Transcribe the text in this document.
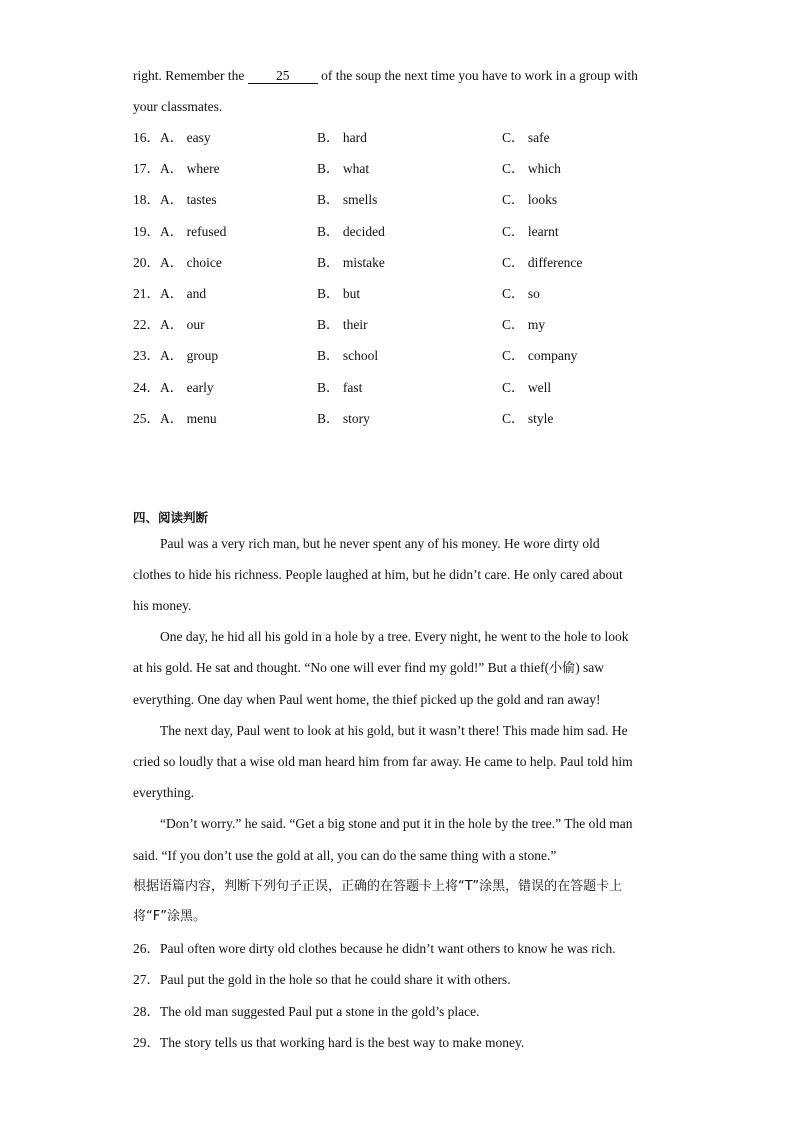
right. Remember the 25 of the soup the next time you have to work in a group with
your classmates.
16．A． easy	B． hard	C． safe
17．A． where	B． what	C． which
18．A． tastes	B． smells	C． looks
19．A． refused	B． decided	C． learnt
20．A． choice	B． mistake	C． difference
21．A． and	B． but	C． so
22．A． our	B． their	C． my
23．A． group	B． school	C． company
24．A． early	B． fast	C． well
25．A． menu	B． story	C． style
四、阅读判断
Paul was a very rich man, but he never spent any of his money. He wore dirty old
clothes to hide his richness. People laughed at him, but he didn’t care. He only cared about
his money.
One day, he hid all his gold in a hole by a tree. Every night, he went to the hole to look
at his gold. He sat and thought. “No one will ever find my gold!” But a thief(小偷) saw
everything. One day when Paul went home, the thief picked up the gold and ran away!
The next day, Paul went to look at his gold, but it wasn’t there! This made him sad. He
cried so loudly that a wise old man heard him from far away. He came to help. Paul told him
everything.
“Don’t worry.” he said. “Get a big stone and put it in the hole by the tree.” The old man
said. “If you don’t use the gold at all, you can do the same thing with a stone.”
根据语篇内容，判断下列句子正误，正确的在答题卡上将“T”涂黑，错误的在答题卡上
将“F”涂黑。
26．Paul often wore dirty old clothes because he didn’t want others to know he was rich.
27．Paul put the gold in the hole so that he could share it with others.
28．The old man suggested Paul put a stone in the gold’s place.
29．The story tells us that working hard is the best way to make money.
